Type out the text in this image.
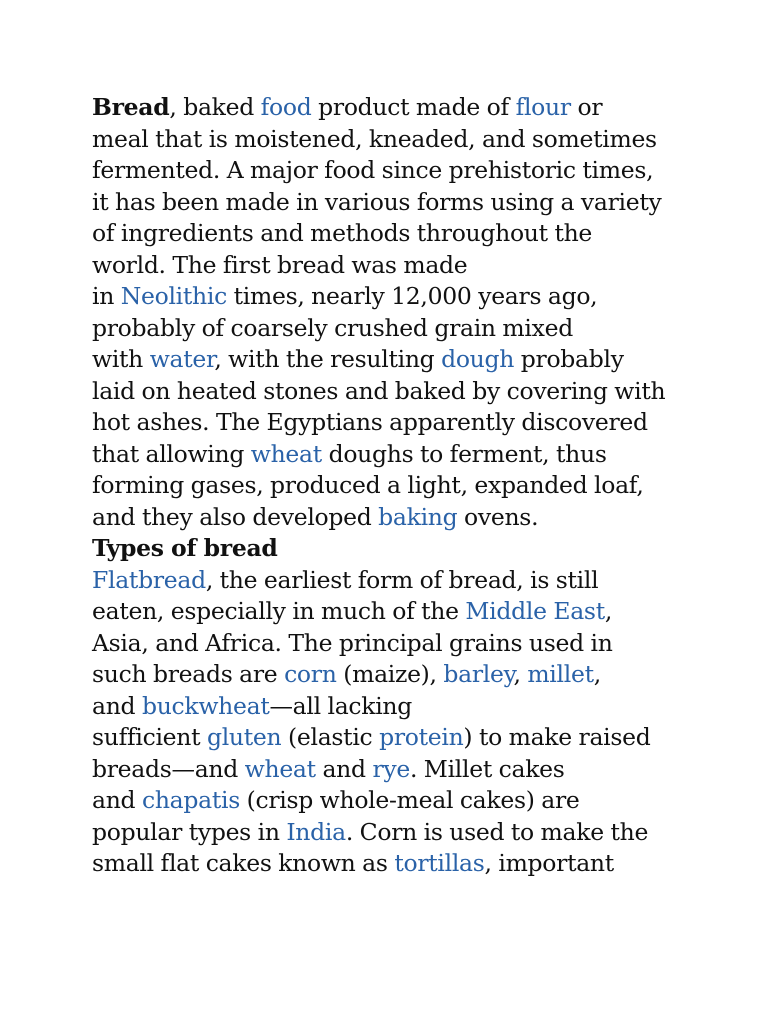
Bread, baked food product made of flour or
meal that is moistened, kneaded, and sometimes
fermented. A major food since prehistoric times,
it has been made in various forms using a variety
of ingredients and methods throughout the
world. The first bread was made
in Neolithic times, nearly 12,000 years ago,
probably of coarsely crushed grain mixed
with water, with the resulting dough probably
laid on heated stones and baked by covering with
hot ashes. The Egyptians apparently discovered
that allowing wheat doughs to ferment, thus
forming gases, produced a light, expanded loaf,
and they also developed baking ovens.
Types of bread
Flatbread, the earliest form of bread, is still
eaten, especially in much of the Middle East,
Asia, and Africa. The principal grains used in
such breads are corn (maize), barley, millet,
and buckwheat—all lacking
sufficient gluten (elastic protein) to make raised
breads—and wheat and rye. Millet cakes
and chapatis (crisp whole-meal cakes) are
popular types in India. Corn is used to make the
small flat cakes known as tortillas, important
